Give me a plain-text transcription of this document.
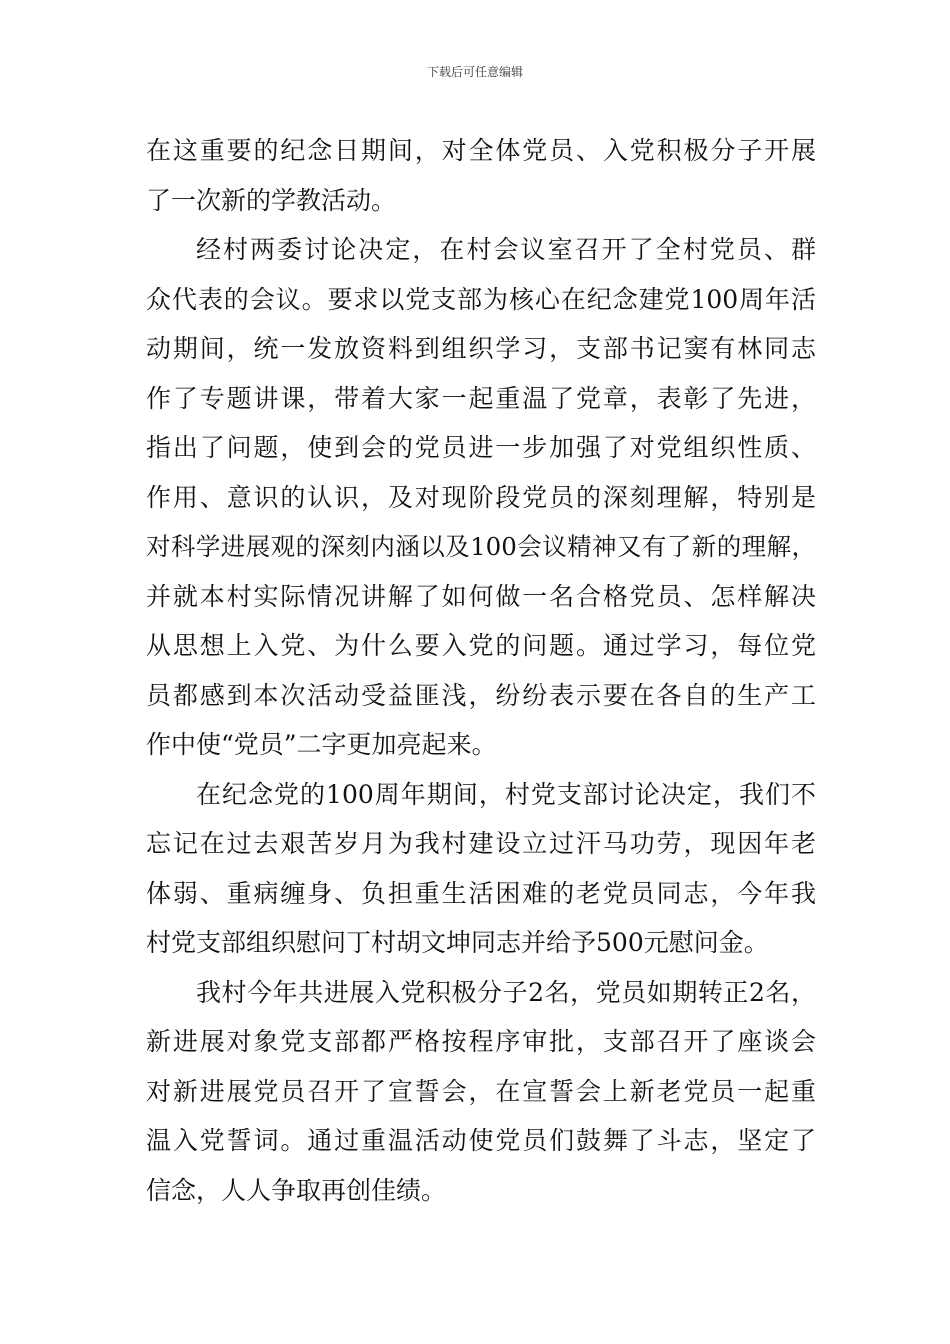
下载后可任意编辑
在这重要的纪念日期间，对全体党员、入党积极分子开展
了一次新的学教活动。
经村两委讨论决定，在村会议室召开了全村党员、群
众代表的会议。要求以党支部为核心在纪念建党100周年活
动期间，统一发放资料到组织学习，支部书记窦有林同志
作了专题讲课，带着大家一起重温了党章，表彰了先进，
指出了问题，使到会的党员进一步加强了对党组织性质、
作用、意识的认识，及对现阶段党员的深刻理解，特别是
对科学进展观的深刻内涵以及100会议精神又有了新的理解，
并就本村实际情况讲解了如何做一名合格党员、怎样解决
从思想上入党、为什么要入党的问题。通过学习，每位党
员都感到本次活动受益匪浅，纷纷表示要在各自的生产工
作中使“党员”二字更加亮起来。
在纪念党的100周年期间，村党支部讨论决定，我们不
忘记在过去艰苦岁月为我村建设立过汗马功劳，现因年老
体弱、重病缠身、负担重生活困难的老党员同志，今年我
村党支部组织慰问丁村胡文坤同志并给予500元慰问金。
我村今年共进展入党积极分子2名，党员如期转正2名，
新进展对象党支部都严格按程序审批，支部召开了座谈会
对新进展党员召开了宣誓会，在宣誓会上新老党员一起重
温入党誓词。通过重温活动使党员们鼓舞了斗志，坚定了
信念，人人争取再创佳绩。
